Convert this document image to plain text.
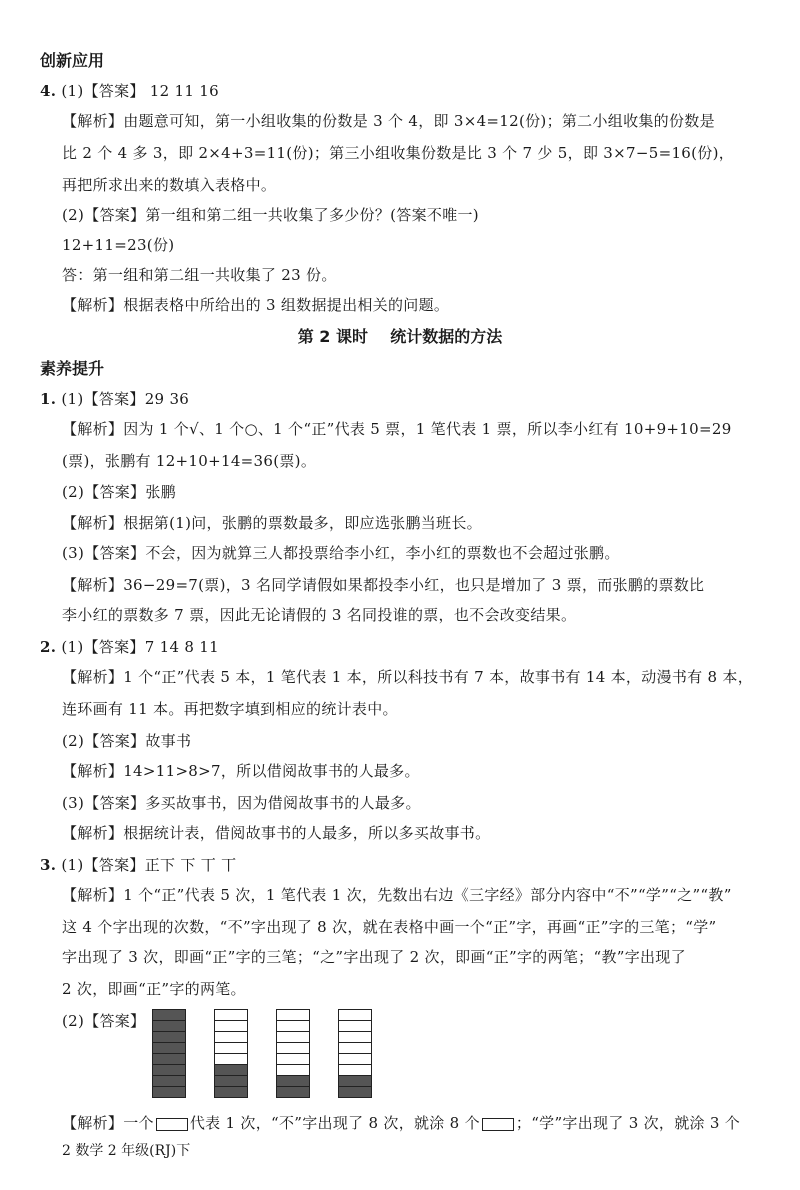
创新应用
4. (1)【答案】 12 11 16
【解析】由题意可知，第一小组收集的份数是 3 个 4，即 3×4=12(份)；第二小组收集的份数是
比 2 个 4 多 3，即 2×4+3=11(份)；第三小组收集份数是比 3 个 7 少 5，即 3×7−5=16(份)，
再把所求出来的数填入表格中。
(2)【答案】第一组和第二组一共收集了多少份？(答案不唯一)
12+11=23(份)
答：第一组和第二组一共收集了 23 份。
【解析】根据表格中所给出的 3 组数据提出相关的问题。
第 2 课时    统计数据的方法
素养提升
1. (1)【答案】29 36
【解析】因为 1 个√、1 个○、1 个“正”代表 5 票，1 笔代表 1 票，所以李小红有 10+9+10=29
(票)，张鹏有 12+10+14=36(票)。
(2)【答案】张鹏
【解析】根据第(1)问，张鹏的票数最多，即应选张鹏当班长。
(3)【答案】不会，因为就算三人都投票给李小红，李小红的票数也不会超过张鹏。
【解析】36−29=7(票)，3 名同学请假如果都投李小红，也只是增加了 3 票，而张鹏的票数比
李小红的票数多 7 票，因此无论请假的 3 名同投谁的票，也不会改变结果。
2. (1)【答案】7 14 8 11
【解析】1 个“正”代表 5 本，1 笔代表 1 本，所以科技书有 7 本，故事书有 14 本，动漫书有 8 本，
连环画有 11 本。再把数字填到相应的统计表中。
(2)【答案】故事书
【解析】14>11>8>7，所以借阅故事书的人最多。
(3)【答案】多买故事书，因为借阅故事书的人最多。
【解析】根据统计表，借阅故事书的人最多，所以多买故事书。
3. (1)【答案】正下 下 丅 丅
【解析】1 个“正”代表 5 次，1 笔代表 1 次，先数出右边《三字经》部分内容中“不”“学”“之”“教”
这 4 个字出现的次数，“不”字出现了 8 次，就在表格中画一个“正”字，再画“正”字的三笔；“学”
字出现了 3 次，即画“正”字的三笔；“之”字出现了 2 次，即画“正”字的两笔；“教”字出现了
2 次，即画“正”字的两笔。
(2)【答案】
【解析】一个 代表 1 次，“不”字出现了 8 次，就涂 8 个 ；“学”字出现了 3 次，就涂 3 个
2 数学 2 年级(RJ)下
